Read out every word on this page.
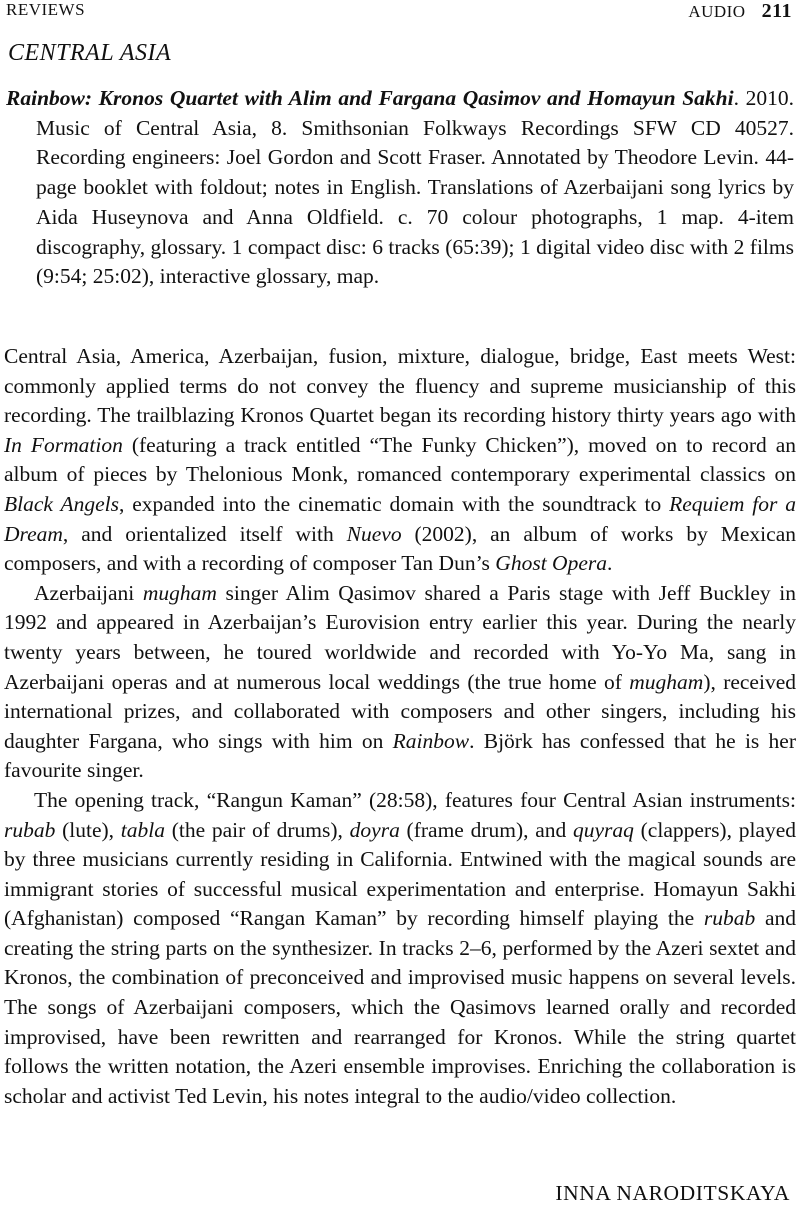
REVIEWS	AUDIO 211
CENTRAL ASIA
Rainbow: Kronos Quartet with Alim and Fargana Qasimov and Homayun Sakhi. 2010. Music of Central Asia, 8. Smithsonian Folkways Recordings SFW CD 40527. Recording engineers: Joel Gordon and Scott Fraser. Annotated by Theodore Levin. 44-page booklet with foldout; notes in English. Translations of Azerbaijani song lyrics by Aida Huseynova and Anna Oldfield. c. 70 colour photographs, 1 map. 4-item discography, glossary. 1 compact disc: 6 tracks (65:39); 1 digital video disc with 2 films (9:54; 25:02), interactive glossary, map.

Central Asia, America, Azerbaijan, fusion, mixture, dialogue, bridge, East meets West: commonly applied terms do not convey the fluency and supreme musicianship of this recording. The trailblazing Kronos Quartet began its recording history thirty years ago with In Formation (featuring a track entitled “The Funky Chicken”), moved on to record an album of pieces by Thelonious Monk, romanced contemporary experimental classics on Black Angels, expanded into the cinematic domain with the soundtrack to Requiem for a Dream, and orientalized itself with Nuevo (2002), an album of works by Mexican composers, and with a recording of composer Tan Dun’s Ghost Opera.

Azerbaijani mugham singer Alim Qasimov shared a Paris stage with Jeff Buckley in 1992 and appeared in Azerbaijan’s Eurovision entry earlier this year. During the nearly twenty years between, he toured worldwide and recorded with Yo-Yo Ma, sang in Azerbaijani operas and at numerous local weddings (the true home of mugham), received international prizes, and collaborated with composers and other singers, including his daughter Fargana, who sings with him on Rainbow. Björk has confessed that he is her favourite singer.

The opening track, “Rangun Kaman” (28:58), features four Central Asian instruments: rubab (lute), tabla (the pair of drums), doyra (frame drum), and quyraq (clappers), played by three musicians currently residing in California. Entwined with the magical sounds are immigrant stories of successful musical experimentation and enterprise. Homayun Sakhi (Afghanistan) composed “Rangan Kaman” by recording himself playing the rubab and creating the string parts on the synthesizer. In tracks 2–6, performed by the Azeri sextet and Kronos, the combination of preconceived and improvised music happens on several levels. The songs of Azerbaijani composers, which the Qasimovs learned orally and recorded improvised, have been rewritten and rearranged for Kronos. While the string quartet follows the written notation, the Azeri ensemble improvises. Enriching the collaboration is scholar and activist Ted Levin, his notes integral to the audio/video collection.

INNA NARODITSKAYA
